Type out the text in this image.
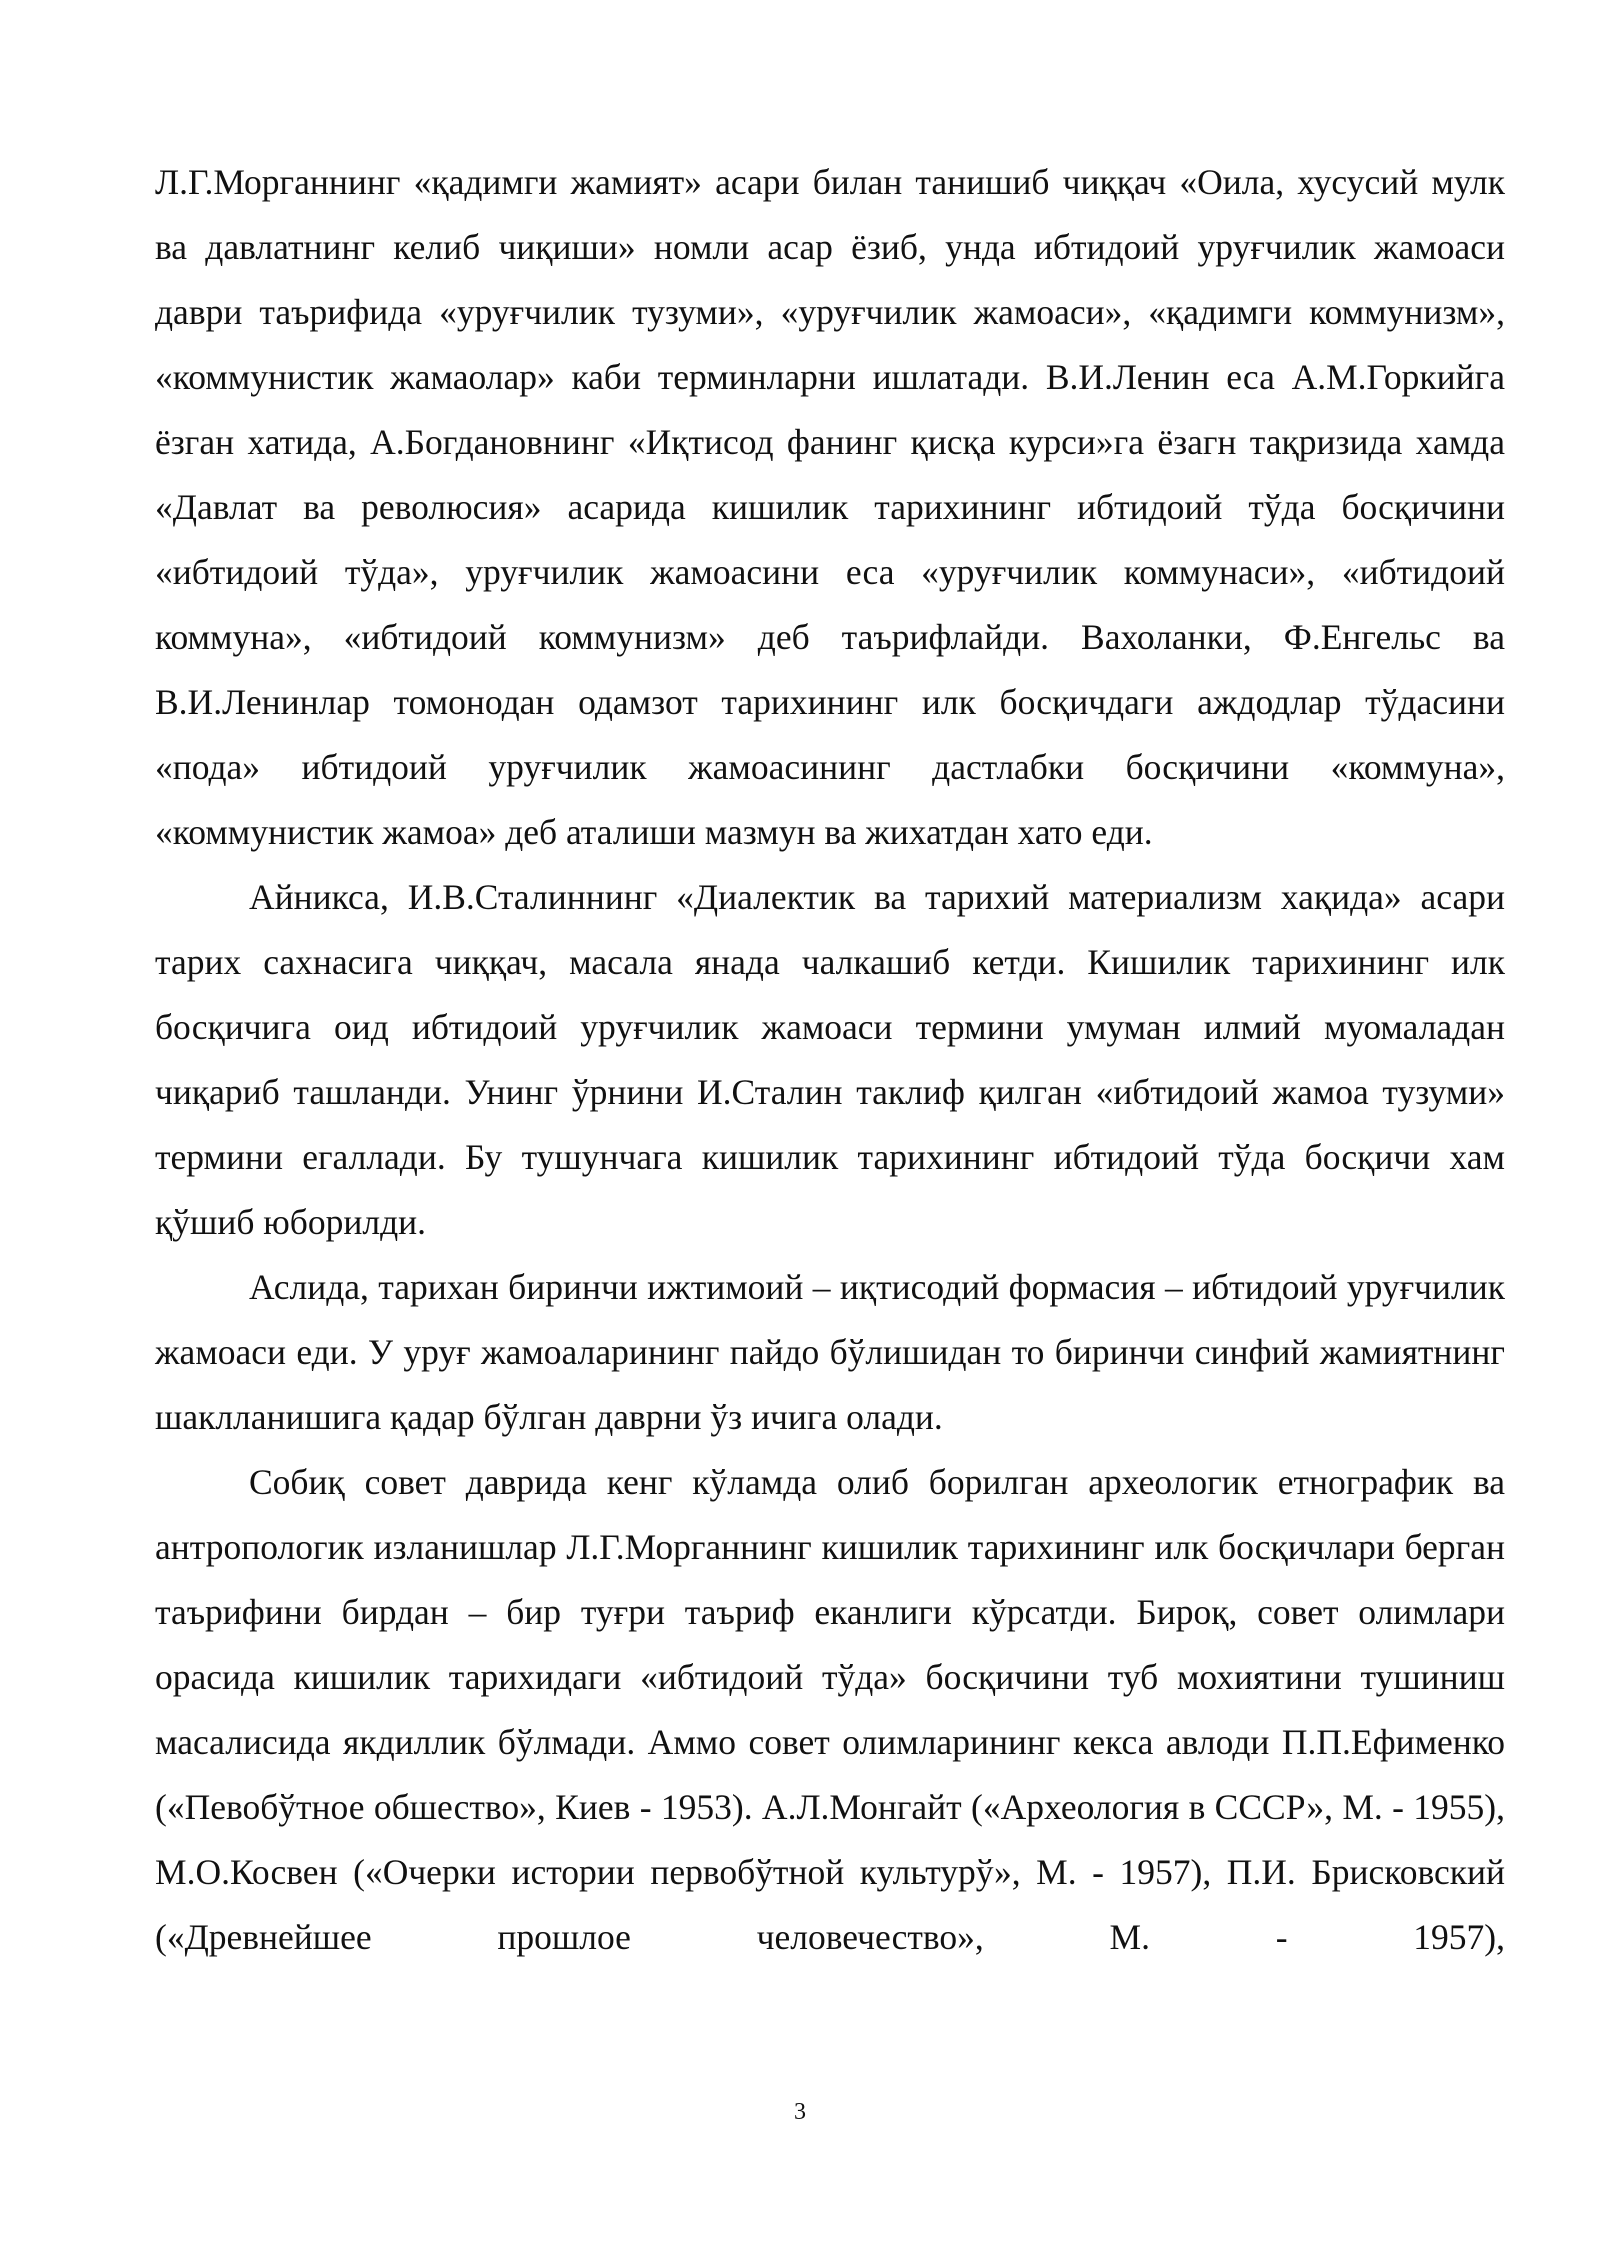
Л.Г.Морганнинг «қадимги жамият» асари билан танишиб чиққач «Оила, хусусий мулк ва давлатнинг келиб чиқиши» номли асар ёзиб, унда ибтидоий уруғчилик жамоаси даври таърифида «уруғчилик тузуми», «уруғчилик жамоаси», «қадимги коммунизм», «коммунистик жамаолар» каби терминларни ишлатади. В.И.Ленин еса А.М.Горкийга ёзган хатида, А.Богдановнинг «Иқтисод фанинг қисқа курси»га ёзагн тақризида хамда «Давлат ва революсия» асарида кишилик тарихининг ибтидоий тўда босқичини «ибтидоий тўда», уруғчилик жамоасини еса «уруғчилик коммунаси», «ибтидоий коммуна», «ибтидоий коммунизм» деб таърифлайди. Вахоланки, Ф.Енгельс ва В.И.Ленинлар томонодан одамзот тарихининг илк босқичдаги аждодлар тўдасини «пода» ибтидоий уруғчилик жамоасининг дастлабки босқичини «коммуна», «коммунистик жамоа» деб аталиши мазмун ва жихатдан хато еди.

Айникса, И.В.Сталиннинг «Диалектик ва тарихий материализм хақида» асари тарих сахнасига чиққач, масала янада чалкашиб кетди. Кишилик тарихининг илк босқичига оид ибтидоий уруғчилик жамоаси термини умуман илмий муомаладан чиқариб ташланди. Унинг ўрнини И.Сталин таклиф қилган «ибтидоий жамоа тузуми» термини егаллади. Бу тушунчага кишилик тарихининг ибтидоий тўда босқичи хам қўшиб юборилди.

Аслида, тарихан биринчи ижтимоий – иқтисодий формасия – ибтидоий уруғчилик жамоаси еди. У уруғ жамоаларининг пайдо бўлишидан то биринчи синфий жамиятнинг шаклланишига қадар бўлган даврни ўз ичига олади.

Собиқ совет даврида кенг кўламда олиб борилган археологик етнографик ва антропологик изланишлар Л.Г.Морганнинг кишилик тарихининг илк босқичлари берган таърифини бирдан – бир туғри таъриф еканлиги кўрсатди. Бироқ, совет олимлари орасида кишилик тарихидаги «ибтидоий тўда» босқичини туб мохиятини тушиниш масалисида якдиллик бўлмади. Аммо совет олимларининг кекса авлоди П.П.Ефименко («Певобўтное обшество», Киев - 1953). А.Л.Монгайт («Археология в СССР», М. - 1955), М.О.Косвен («Очерки истории первобўтной культурў», М. - 1957), П.И. Брисковский («Древнейшее прошлое человечество», М. - 1957),

3
